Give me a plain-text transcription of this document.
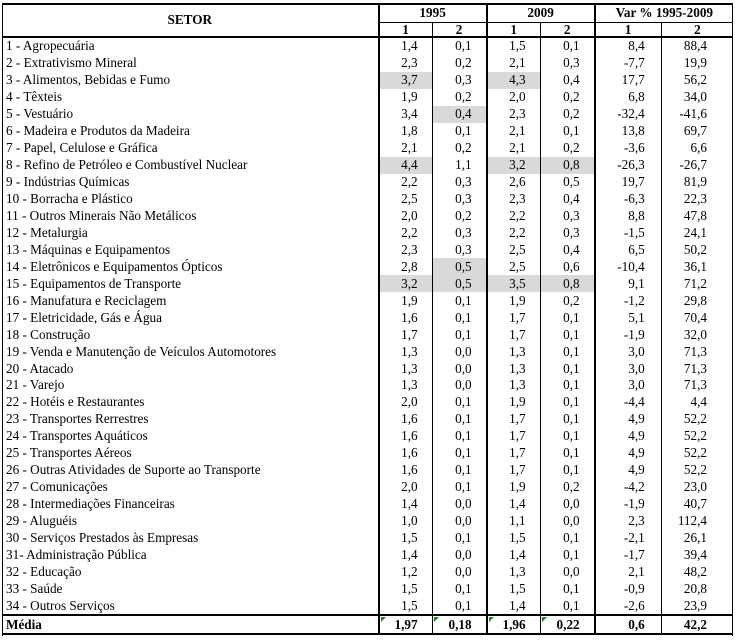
SETOR	1995		2009		Var % 1995-2009	
	1	2	1	2	1	2
1 - Agropecuária	1,4	0,1	1,5	0,1	8,4	88,4
2 - Extrativismo Mineral	2,3	0,2	2,1	0,3	-7,7	19,9
3 - Alimentos, Bebidas e Fumo	3,7	0,3	4,3	0,4	17,7	56,2
4 - Têxteis	1,9	0,2	2,0	0,2	6,8	34,0
5 - Vestuário	3,4	0,4	2,3	0,2	-32,4	-41,6
6 - Madeira e Produtos da Madeira	1,8	0,1	2,1	0,1	13,8	69,7
7 - Papel, Celulose e Gráfica	2,1	0,2	2,1	0,2	-3,6	6,6
8 - Refino de Petróleo e Combustível Nuclear	4,4	1,1	3,2	0,8	-26,3	-26,7
9 - Indústrias Químicas	2,2	0,3	2,6	0,5	19,7	81,9
10 - Borracha e Plástico	2,5	0,3	2,3	0,4	-6,3	22,3
11 - Outros Minerais Não Metálicos	2,0	0,2	2,2	0,3	8,8	47,8
12 - Metalurgia	2,2	0,3	2,2	0,3	-1,5	24,1
13 - Máquinas e Equipamentos	2,3	0,3	2,5	0,4	6,5	50,2
14 - Eletrônicos e Equipamentos Ópticos	2,8	0,5	2,5	0,6	-10,4	36,1
15 - Equipamentos de Transporte	3,2	0,5	3,5	0,8	9,1	71,2
16 - Manufatura e Reciclagem	1,9	0,1	1,9	0,2	-1,2	29,8
17 - Eletricidade, Gás e Água	1,6	0,1	1,7	0,1	5,1	70,4
18 - Construção	1,7	0,1	1,7	0,1	-1,9	32,0
19 - Venda e Manutenção de Veículos Automotores	1,3	0,0	1,3	0,1	3,0	71,3
20 - Atacado	1,3	0,0	1,3	0,1	3,0	71,3
21 - Varejo	1,3	0,0	1,3	0,1	3,0	71,3
22 - Hotéis e Restaurantes	2,0	0,1	1,9	0,1	-4,4	4,4
23 - Transportes Rerrestres	1,6	0,1	1,7	0,1	4,9	52,2
24 - Transportes Aquáticos	1,6	0,1	1,7	0,1	4,9	52,2
25 - Transportes Aéreos	1,6	0,1	1,7	0,1	4,9	52,2
26 - Outras Atividades de Suporte ao Transporte	1,6	0,1	1,7	0,1	4,9	52,2
27 - Comunicações	2,0	0,1	1,9	0,2	-4,2	23,0
28 - Intermediações Financeiras	1,4	0,0	1,4	0,0	-1,9	40,7
29 - Aluguéis	1,0	0,0	1,1	0,0	2,3	112,4
30 - Serviços Prestados às Empresas	1,5	0,1	1,5	0,1	-2,1	26,1
31- Administração Pública	1,4	0,0	1,4	0,1	-1,7	39,4
32 - Educação	1,2	0,0	1,3	0,0	2,1	48,2
33 - Saúde	1,5	0,1	1,5	0,1	-0,9	20,8
34 - Outros Serviços	1,5	0,1	1,4	0,1	-2,6	23,9
Média	1,97	0,18	1,96	0,22	0,6	42,2
